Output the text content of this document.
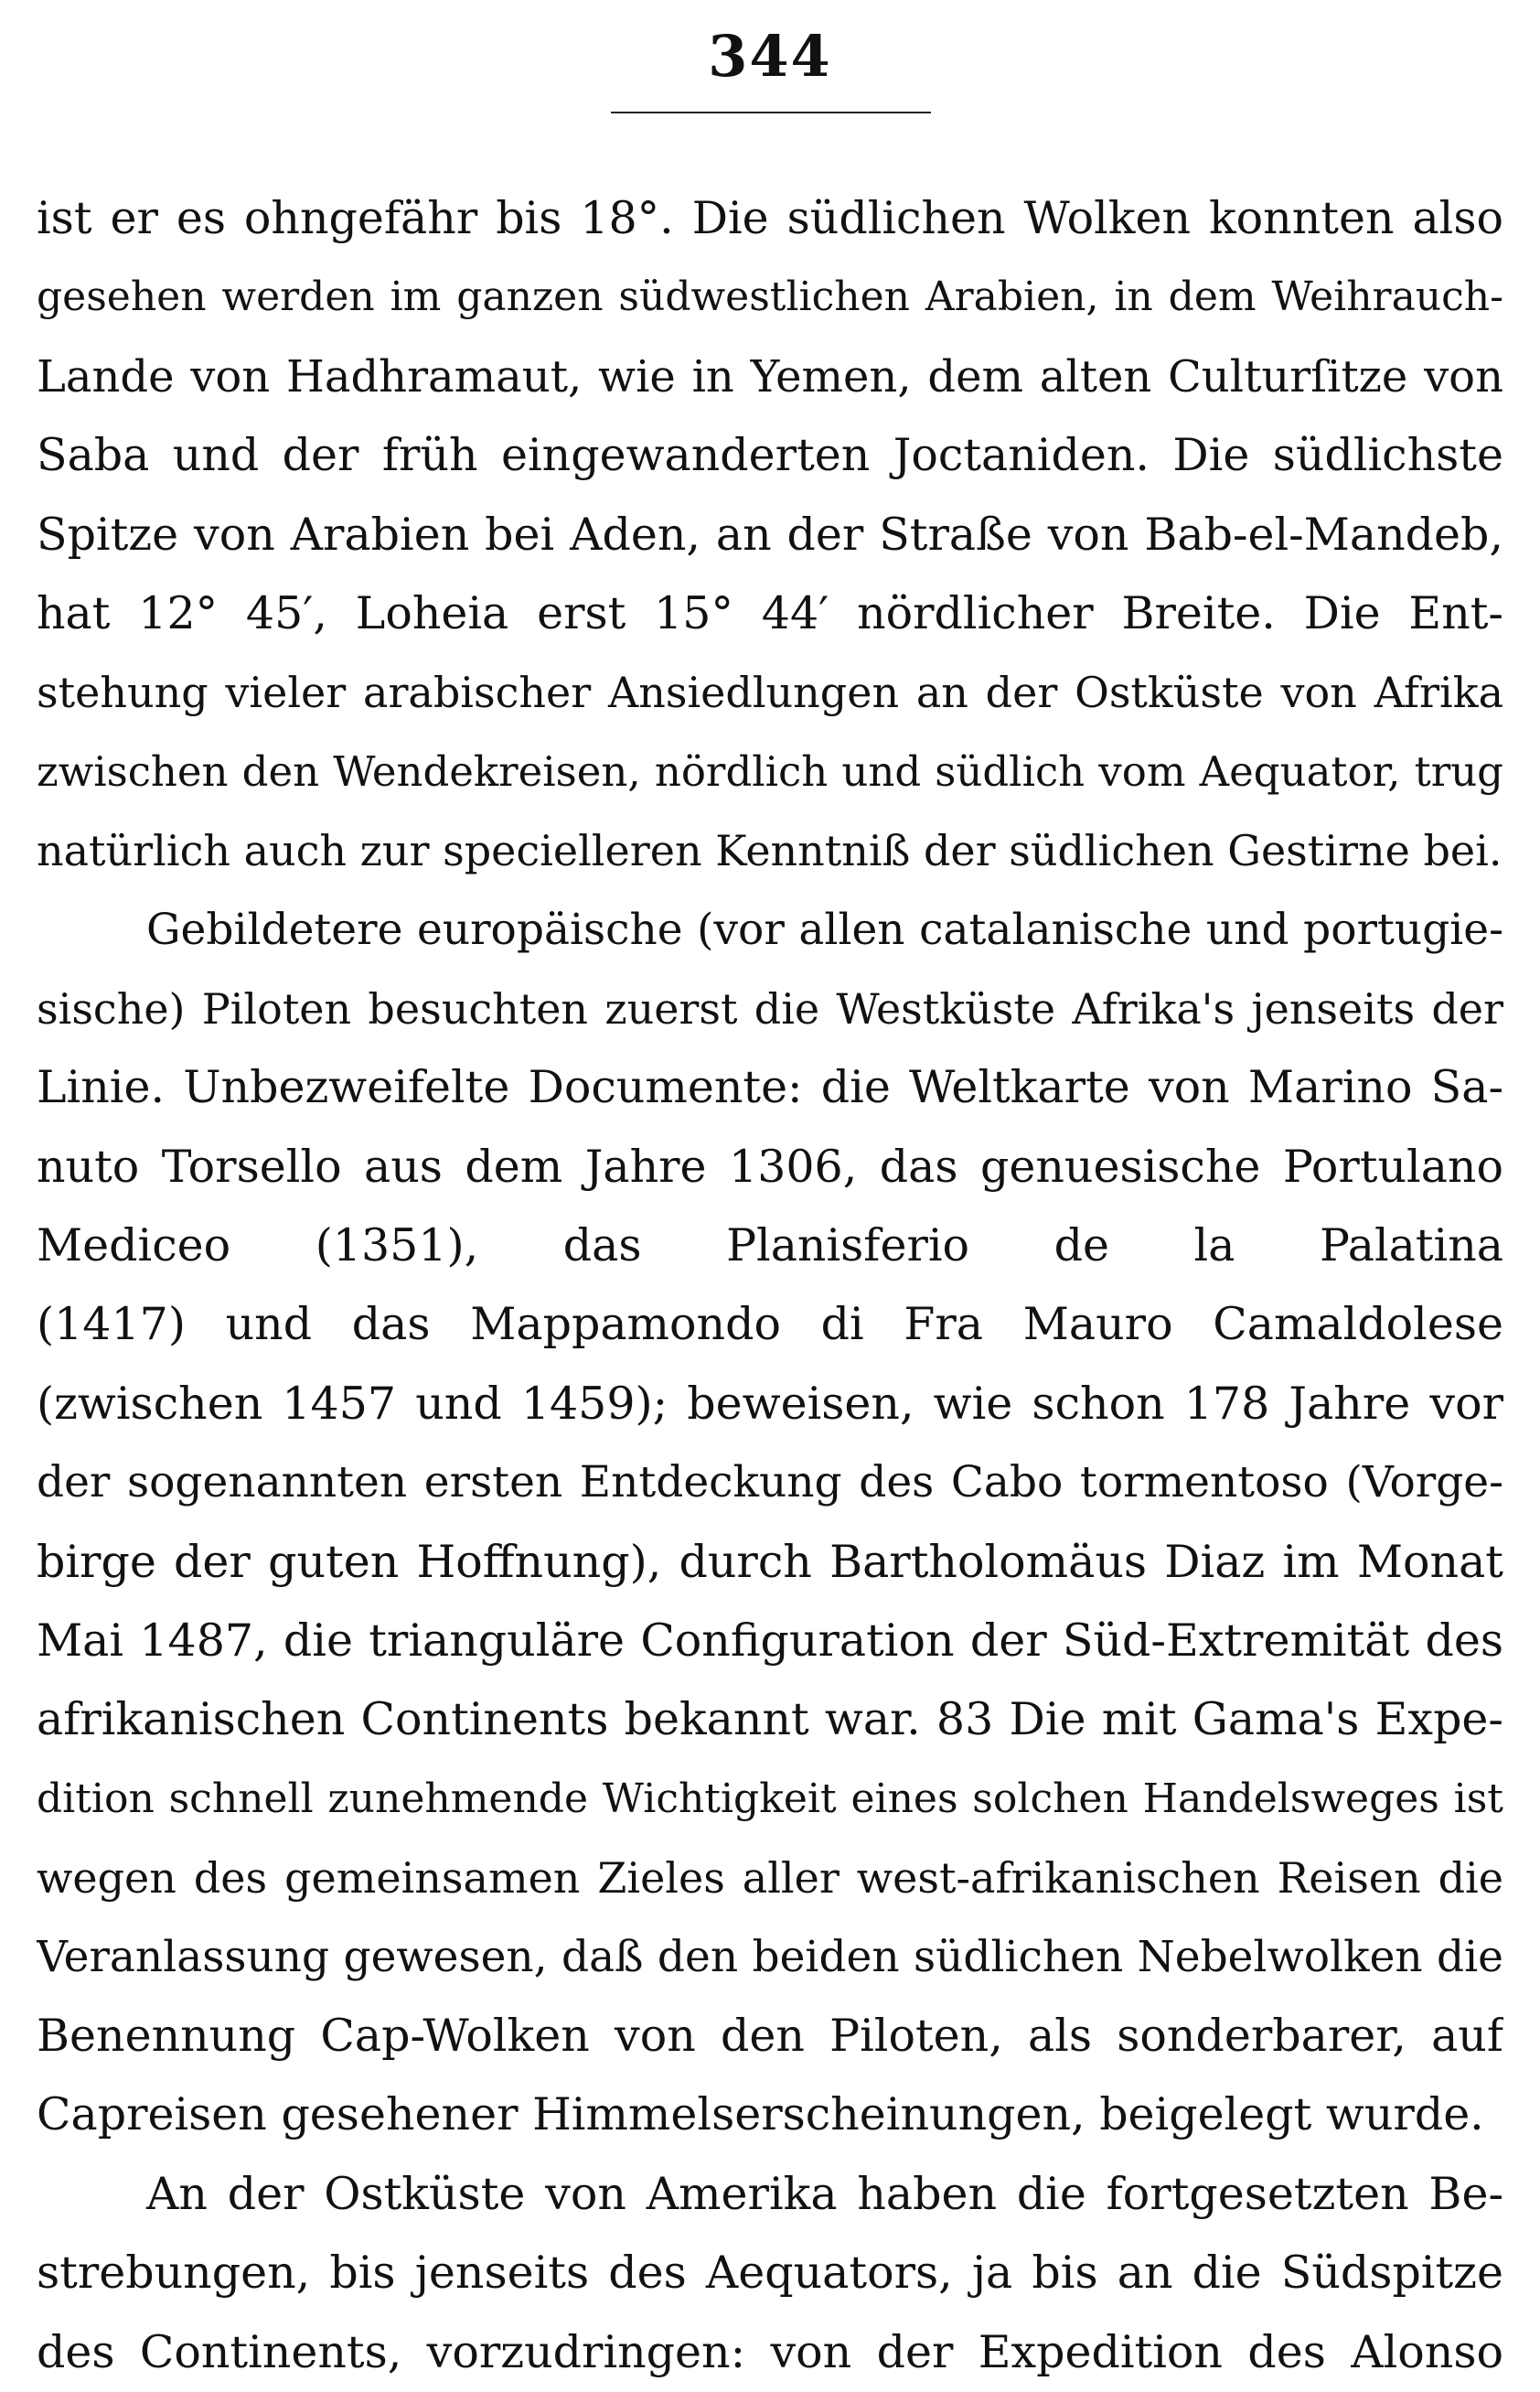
344
ist er es ohngefähr bis 18°. Die südlichen Wolken konnten also
gesehen werden im ganzen südwestlichen Arabien, in dem Weihrauch-
Lande von Hadhramaut, wie in Yemen, dem alten Culturſitze von
Saba und der früh eingewanderten Joctaniden. Die südlichste
Spitze von Arabien bei Aden, an der Straße von Bab-el-Mandeb,
hat 12° 45′, Loheia erst 15° 44′ nördlicher Breite. Die Ent-
stehung vieler arabischer Ansiedlungen an der Ostküste von Afrika
zwischen den Wendekreisen, nördlich und südlich vom Aequator, trug
natürlich auch zur specielleren Kenntniß der südlichen Gestirne bei.
Gebildetere europäische (vor allen catalanische und portugie-
sische) Piloten besuchten zuerst die Westküste Afrika's jenseits der
Linie. Unbezweifelte Documente: die Weltkarte von Marino Sa-
nuto Torsello aus dem Jahre 1306, das genuesische Portulano
Mediceo (1351), das Planisferio de la Palatina
(1417) und das Mappamondo di Fra Mauro Camaldolese
(zwischen 1457 und 1459); beweisen, wie schon 178 Jahre vor
der sogenannten ersten Entdeckung des Cabo tormentoso (Vorge-
birge der guten Hoffnung), durch Bartholomäus Diaz im Monat
Mai 1487, die trianguläre Configuration der Süd-Extremität des
afrikanischen Continents bekannt war. 83 Die mit Gama's Expe-
dition schnell zunehmende Wichtigkeit eines solchen Handelsweges ist
wegen des gemeinsamen Zieles aller west-afrikanischen Reisen die
Veranlassung gewesen, daß den beiden südlichen Nebelwolken die
Benennung Cap-Wolken von den Piloten, als sonderbarer, auf
Capreisen gesehener Himmelserscheinungen, beigelegt wurde.
An der Ostküste von Amerika haben die fortgesetzten Be-
strebungen, bis jenseits des Aequators, ja bis an die Südspitze
des Continents, vorzudringen: von der Expedition des Alonso
